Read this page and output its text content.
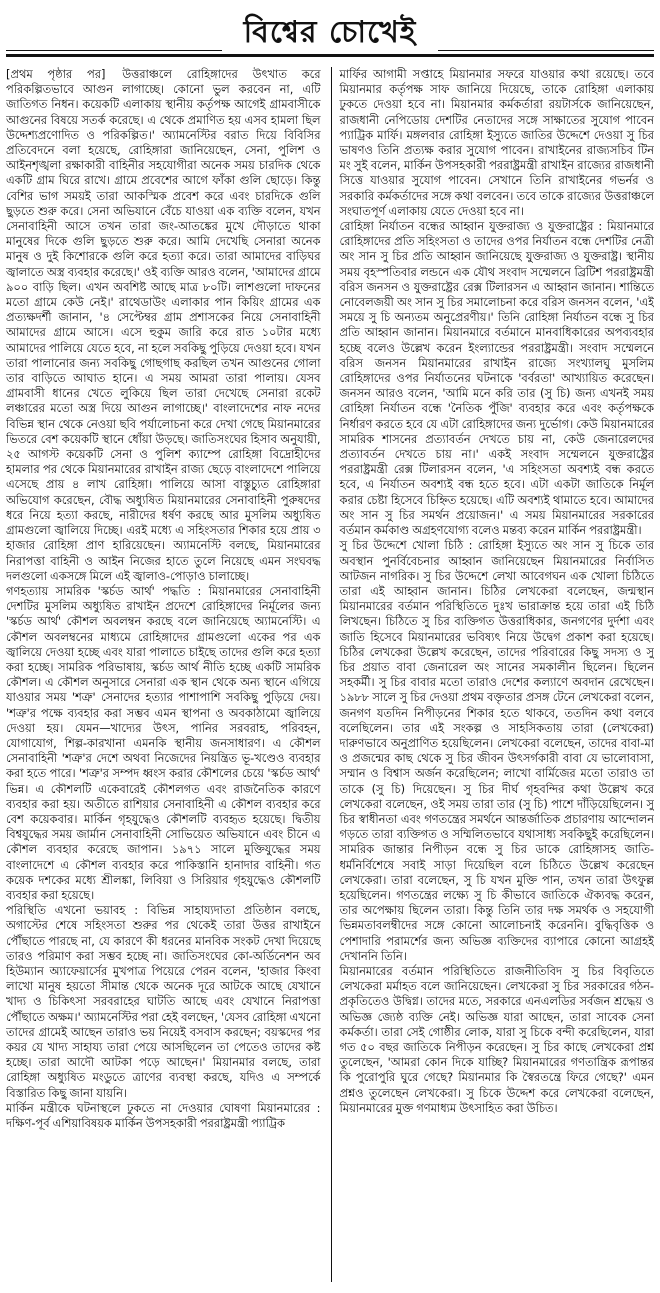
বিশ্বের চোখেই

[প্রথম পৃষ্ঠার পর] উত্তরাঞ্চলে রোহিঙ্গাদের উৎখাত করে পরিকল্পিতভাবে আগুন লাগাচ্ছে। কোনো ভুল করবেন না, এটি জাতিগত নিধন। কয়েকটি এলাকায় স্থানীয় কর্তৃপক্ষ আগেই গ্রামবাসীকে আগুনের বিষয়ে সতর্ক করেছে। এ থেকে প্রমাণিত হয় এসব হামলা ছিল উদ্দেশ্যপ্রণোদিত ও পরিকল্পিত।' অ্যামনেস্টির বরাত দিয়ে বিবিসির প্রতিবেদনে বলা হয়েছে, রোহিঙ্গারা জানিয়েছেন, সেনা, পুলিশ ও আইনশৃঙ্খলা রক্ষাকারী বাহিনীর সহযোগীরা অনেক সময় চারদিক থেকে একটি গ্রাম ঘিরে রাখে। গ্রামে প্রবেশের আগে ফাঁকা গুলি ছোড়ে। কিন্তু বেশির ভাগ সময়ই তারা আকস্মিক প্রবেশ করে এবং চারদিকে গুলি ছুড়তে শুরু করে। সেনা অভিযানে বেঁচে যাওয়া এক ব্যক্তি বলেন, যখন সেনাবাহিনী আসে তখন তারা জং-আতঙ্কের মুখে দৌড়াতে থাকা মানুষের দিকে গুলি ছুড়তে শুরু করে। আমি দেখেছি সেনারা অনেক মানুষ ও দুই কিশোরকে গুলি করে হত্যা করে। তারা আমাদের বাড়িঘর জ্বালাতে অস্ত্র ব্যবহার করেছে।' ওই ব্যক্তি আরও বলেন, 'আমাদের গ্রামে ৯০০ বাড়ি ছিল। এখন অবশিষ্ট আছে মাত্র ৮০টি। লাশগুলো দাফনের মতো গ্রামে কেউ নেই।' রাথেডাউং এলাকার পান কিয়িং গ্রামের এক প্রত্যক্ষদর্শী জানান, '৪ সেপ্টেম্বর গ্রাম প্রশাসকের নিয়ে সেনাবাহিনী আমাদের গ্রামে আসে। এসে হুকুম জারি করে রাত ১০টার মধ্যে আমাদের পালিয়ে যেতে হবে, না হলে সবকিছু পুড়িয়ে দেওয়া হবে। যখন তারা পালানোর জন্য সবকিছু গোছগাছ করছিল তখন আগুনের গোলা তার বাড়িতে আঘাত হানে। এ সময় আমরা তারা পালায়। যেসব গ্রামবাসী ধানের খেতে লুকিয়ে ছিল তারা দেখেছে সেনারা রকেট লঞ্চারের মতো অস্ত্র দিয়ে আগুন লাগাচ্ছে।' বাংলাদেশের নাফ নদের বিভিন্ন স্থান থেকে নেওয়া ছবি পর্যালোচনা করে দেখা গেছে মিয়ানমারের ভিতরে বেশ কয়েকটি স্থানে ধোঁয়া উড়ছে। জাতিসংঘের হিসাব অনুযায়ী, ২৫ আগস্ট কয়েকটি সেনা ও পুলিশ ক্যাম্পে রোহিঙ্গা বিদ্রোহীদের হামলার পর থেকে মিয়ানমারের রাখাইন রাজ্য ছেড়ে বাংলাদেশে পালিয়ে এসেছে প্রায় ৪ লাখ রোহিঙ্গা। পালিয়ে আসা বাস্তুচ্যুত রোহিঙ্গারা অভিযোগ করেছেন, বৌদ্ধ অধ্যুষিত মিয়ানমারের সেনাবাহিনী পুরুষদের ধরে নিয়ে হত্যা করছে, নারীদের ধর্ষণ করছে আর মুসলিম অধ্যুষিত গ্রামগুলো জ্বালিয়ে দিচ্ছে। এরই মধ্যে এ সহিংসতার শিকার হয়ে প্রায় ৩ হাজার রোহিঙ্গা প্রাণ হারিয়েছেন। অ্যামনেস্টি বলছে, মিয়ানমারের নিরাপত্তা বাহিনী ও আইন নিজের হাতে তুলে নিয়েছে এমন সংঘবদ্ধ দলগুলো একসঙ্গে মিলে এই জ্বালাও-পোড়াও চালাচ্ছে।

গণহত্যায় সামরিক 'স্কর্চড আর্থ' পদ্ধতি : মিয়ানমারের সেনাবাহিনী দেশটির মুসলিম অধ্যুষিত রাখাইন প্রদেশে রোহিঙ্গাদের নির্মূলের জন্য 'স্কর্চড আর্থ' কৌশল অবলম্বন করছে বলে জানিয়েছে অ্যামনেস্টি। এ কৌশল অবলম্বনের মাধ্যমে রোহিঙ্গাদের গ্রামগুলো একের পর এক জ্বালিয়ে দেওয়া হচ্ছে এবং যারা পালাতে চাইছে তাদের গুলি করে হত্যা করা হচ্ছে। সামরিক পরিভাষায়, স্কর্চড আর্থ নীতি হচ্ছে একটি সামরিক কৌশল। এ কৌশল অনুসারে সেনারা এক স্থান থেকে অন্য স্থানে এগিয়ে যাওয়ার সময় 'শত্রু' সেনাদের হত্যার পাশাপাশি সবকিছু পুড়িয়ে দেয়। 'শত্রু'র পক্ষে ব্যবহার করা সম্ভব এমন স্থাপনা ও অবকাঠামো জ্বালিয়ে দেওয়া হয়। যেমন—খাদ্যের উৎস, পানির সরবরাহ, পরিবহন, যোগাযোগ, শিল্প-কারখানা এমনকি স্থানীয় জনসাধারণ। এ কৌশল সেনাবাহিনী 'শত্রু'র দেশে অথবা নিজেদের নিয়ন্ত্রিত ভূ-খণ্ডেও ব্যবহার করা হতে পারে। 'শত্রু'র সম্পদ ধ্বংস করার কৌশলের চেয়ে 'স্কর্চড আর্থ' ভিন্ন। এ কৌশলটি একেবারেই কৌশলগত এবং রাজনৈতিক কারণে ব্যবহার করা হয়। অতীতে রাশিয়ার সেনাবাহিনী এ কৌশল ব্যবহার করে বেশ কয়েকবার। মার্কিন গৃহযুদ্ধেও কৌশলটি ব্যবহৃত হয়েছে। দ্বিতীয় বিশ্বযুদ্ধের সময় জার্মান সেনাবাহিনী সোভিয়েত অভিযানে এবং চীনে এ কৌশল ব্যবহার করেছে জাপান। ১৯৭১ সালে মুক্তিযুদ্ধের সময় বাংলাদেশে এ কৌশল ব্যবহার করে পাকিস্তানি হানাদার বাহিনী। গত কয়েক দশকের মধ্যে শ্রীলঙ্কা, লিবিয়া ও সিরিয়ার গৃহযুদ্ধেও কৌশলটি ব্যবহার করা হয়েছে।

পরিস্থিতি এখনো ভয়াবহ : বিভিন্ন সাহায্যদাতা প্রতিষ্ঠান বলছে, অগাস্টের শেষে সহিংসতা শুরুর পর থেকেই তারা উত্তর রাখাইনে পৌঁছাতে পারছে না, যে কারণে কী ধরনের মানবিক সংকট দেখা দিয়েছে তারও পরিমাণ করা সম্ভব হচ্ছে না। জাতিসংঘের কো-অর্ডিনেশন অব হিউম্যান অ্যাফেয়ার্সের মুখপাত্র পিয়েরে পেরন বলেন, 'হাজার কিংবা লাখো মানুষ হয়তো সীমান্ত থেকে অনেক দূরে আটকে আছে যেখানে খাদ্য ও চিকিৎসা সরবরাহের ঘাটতি আছে এবং যেখানে নিরাপত্তা পৌঁছাতে অক্ষম।' অ্যামনেস্টির পরা হেই বলছেন, 'যেসব রোহিঙ্গা এখনো তাদের গ্রামেই আছেন তারাও ভয় নিয়েই বসবাস করছেন; বয়স্কদের পর কয়র যে খাদ্য সাহায্য তারা পেয়ে আসছিলেন তা পেতেও তাদের কষ্ট হচ্ছে। তারা আদৌ আটকা পড়ে আছেন।' মিয়ানমার বলছে, তারা রোহিঙ্গা অধ্যুষিত মংডুতে ত্রাণের ব্যবস্থা করছে, যদিও এ সম্পর্কে বিস্তারিত কিছু জানা যায়নি।

মার্কিন মন্ত্রীকে ঘটনাস্থলে ঢুকতে না দেওয়ার ঘোষণা মিয়ানমারের : দক্ষিণ-পূর্ব এশিয়াবিষয়ক মার্কিন উপসহকারী পররাষ্ট্রমন্ত্রী প্যাট্রিক

মার্ফির আগামী সপ্তাহে মিয়ানমার সফরে যাওয়ার কথা রয়েছে। তবে মিয়ানমার কর্তৃপক্ষ সাফ জানিয়ে দিয়েছে, তাকে রোহিঙ্গা এলাকায় ঢুকতে দেওয়া হবে না। মিয়ানমার কর্মকর্তারা রয়টার্সকে জানিয়েছেন, রাজধানী নেপিডোয় দেশটির নেতাদের সঙ্গে সাক্ষাতের সুযোগ পাবেন প্যাট্রিক মার্ফি। মঙ্গলবার রোহিঙ্গা ইস্যুতে জাতির উদ্দেশে দেওয়া সু চির ভাষণও তিনি প্রত্যক্ষ করার সুযোগ পাবেন। রাখাইনের রাজ্যসচিব টিন মং সুই বলেন, মার্কিন উপসহকারী পররাষ্ট্রমন্ত্রী রাখাইন রাজ্যের রাজধানী সিত্তে যাওয়ার সুযোগ পাবেন। সেখানে তিনি রাখাইনের গভর্নর ও সরকারি কর্মকর্তাদের সঙ্গে কথা বলবেন। তবে তাকে রাজ্যের উত্তরাঞ্চলে সংঘাতপূর্ণ এলাকায় যেতে দেওয়া হবে না।

রোহিঙ্গা নির্যাতন বন্ধের আহ্বান যুক্তরাজ্য ও যুক্তরাষ্ট্রের : মিয়ানমারে রোহিঙ্গাদের প্রতি সহিংসতা ও তাদের ওপর নির্যাতন বন্ধে দেশটির নেত্রী অং সান সু চির প্রতি আহ্বান জানিয়েছে যুক্তরাজ্য ও যুক্তরাষ্ট্র। স্থানীয় সময় বৃহস্পতিবার লন্ডনে এক যৌথ সংবাদ সম্মেলনে ব্রিটিশ পররাষ্ট্রমন্ত্রী বরিস জনসন ও যুক্তরাষ্ট্রের রেক্স টিলারসন এ আহ্বান জানান। শান্তিতে নোবেলজয়ী অং সান সু চির সমালোচনা করে বরিস জনসন বলেন, 'এই সময়ে সু চি অন্যতম অনুপ্রেরণীয়।' তিনি রোহিঙ্গা নির্যাতন বন্ধে সু চির প্রতি আহ্বান জানান। মিয়ানমারে বর্তমানে মানবাধিকারের অপব্যবহার হচ্ছে বলেও উল্লেখ করেন ইংল্যান্ডের পররাষ্ট্রমন্ত্রী। সংবাদ সম্মেলনে বরিস জনসন মিয়ানমারের রাখাইন রাজ্যে সংখ্যালঘু মুসলিম রোহিঙ্গাদের ওপর নির্যাতনের ঘটনাকে 'বর্বরতা' আখ্যায়িত করেছেন। জনসন আরও বলেন, 'আমি মনে করি তার (সু চি) জন্য এখনই সময় রোহিঙ্গা নির্যাতন বন্ধে 'নৈতিক পুঁজি' ব্যবহার করে এবং কর্তৃপক্ষকে নির্ধারণ করতে হবে যে এটা রোহিঙ্গাদের জন্য দুর্ভোগ। কেউ মিয়ানমারের সামরিক শাসনের প্রত্যাবর্তন দেখতে চায় না, কেউ জেনারেলদের প্রত্যাবর্তন দেখতে চায় না।' একই সংবাদ সম্মেলনে যুক্তরাষ্ট্রের পররাষ্ট্রমন্ত্রী রেক্স টিলারসন বলেন, 'এ সহিংসতা অবশ্যই বন্ধ করতে হবে, এ নির্যাতন অবশ্যই বন্ধ হতে হবে। এটা একটা জাতিকে নির্মূল করার চেষ্টা হিসেবে চিহ্নিত হয়েছে। এটি অবশ্যই থামাতে হবে। আমাদের অং সান সু চির সমর্থন প্রয়োজন।' এ সময় মিয়ানমারের সরকারের বর্তমান কর্মকাণ্ড অগ্রহণযোগ্য বলেও মন্তব্য করেন মার্কিন পররাষ্ট্রমন্ত্রী।

সু চির উদ্দেশে খোলা চিঠি : রোহিঙ্গা ইস্যুতে অং সান সু চিকে তার অবস্থান পুনর্বিবেচনার আহ্বান জানিয়েছেন মিয়ানমারের নির্বাসিত আটজন নাগরিক। সু চির উদ্দেশে লেখা আবেগঘন এক খোলা চিঠিতে তারা এই আহ্বান জানান। চিঠির লেখকেরা বলেছেন, জন্মস্থান মিয়ানমারের বর্তমান পরিস্থিতিতে দুঃখ ভারাক্রান্ত হয়ে তারা এই চিঠি লিখছেন। চিঠিতে সু চির ব্যক্তিগত উত্তরাধিকার, জনগণের দুর্দশা এবং জাতি হিসেবে মিয়ানমারের ভবিষ্যৎ নিয়ে উদ্বেগ প্রকাশ করা হয়েছে। চিঠির লেখকেরা উল্লেখ করেছেন, তাদের পরিবারের কিছু সদস্য ও সু চির প্রয়াত বাবা জেনারেল অং সানের সমকালীন ছিলেন। ছিলেন সহকর্মী। সু চির বাবার মতো তারাও দেশের কল্যাণে অবদান রেখেছেন। ১৯৮৮ সালে সু চির দেওয়া প্রথম বক্তৃতার প্রসঙ্গ টেনে লেখকেরা বলেন, জনগণ যতদিন নিপীড়নের শিকার হতে থাকবে, ততদিন কথা বলবে বলেছিলেন। তার এই সংকল্প ও সাহসিকতায় তারা (লেখকেরা) দারুণভাবে অনুপ্রাণিত হয়েছিলেন। লেখকেরা বলেছেন, তাদের বাবা-মা ও প্রজন্মের কাছ থেকে সু চির জীবন উৎসর্গকারী বাবা যে ভালোবাসা, সম্মান ও বিশ্বাস অর্জন করেছিলেন; লাখো বার্মিজের মতো তারাও তা তাকে (সু চি) দিয়েছেন। সু চির দীর্ঘ গৃহবন্দির কথা উল্লেখ করে লেখকেরা বলেছেন, ওই সময় তারা তার (সু চি) পাশে দাঁড়িয়েছিলেন। সু চির স্বাধীনতা এবং গণতন্ত্রের সমর্থনে আন্তর্জাতিক প্রচারণায় আন্দোলন গড়তে তারা ব্যক্তিগত ও সম্মিলিতভাবে যথাসাধ্য সবকিছুই করেছিলেন। সামরিক জান্তার নিপীড়ন বন্ধে সু চির ডাকে রোহিঙ্গাসহ জাতি-ধর্মনির্বিশেষে সবাই সাড়া দিয়েছিল বলে চিঠিতে উল্লেখ করেছেন লেখকেরা। তারা বলেছেন, সু চি যখন মুক্তি পান, তখন তারা উৎফুল্ল হয়েছিলেন। গণতন্ত্রের লক্ষ্যে সু চি কীভাবে জাতিকে ঐক্যবদ্ধ করেন, তার অপেক্ষায় ছিলেন তারা। কিন্তু তিনি তার দক্ষ সমর্থক ও সহযোগী ভিন্নমতাবলম্বীদের সঙ্গে কোনো আলোচনাই করেননি। বুদ্ধিবৃত্তিক ও পেশাদারি পরামর্শের জন্য অভিজ্ঞ ব্যক্তিদের ব্যাপারে কোনো আগ্রহই দেখাননি তিনি।

মিয়ানমারের বর্তমান পরিস্থিতিতে রাজনীতিবিদ সু চির বিবৃতিতে লেখকেরা মর্মাহত বলে জানিয়েছেন। লেখকেরা সু চির সরকারের গঠন-প্রকৃতিতেও উদ্বিগ্ন। তাদের মতে, সরকারে এনএলডির সর্বজন শ্রদ্ধেয় ও অভিজ্ঞ জ্যেষ্ঠ ব্যক্তি নেই। অভিজ্ঞ যারা আছেন, তারা সাবেক সেনা কর্মকর্তা। তারা সেই গোষ্ঠীর লোক, যারা সু চিকে বন্দী করেছিলেন, যারা গত ৫০ বছর জাতিকে নিপীড়ন করেছেন। সু চির কাছে লেখকেরা প্রশ্ন তুলেছেন, 'আমরা কোন দিকে যাচ্ছি? মিয়ানমারের গণতান্ত্রিক রূপান্তর কি পুরোপুরি ঘুরে গেছে? মিয়ানমার কি স্বৈরতন্ত্রে ফিরে গেছে?' এমন প্রশ্নও তুলেছেন লেখকেরা। সু চিকে উদ্দেশ করে লেখকেরা বলেছেন, মিয়ানমারের মুক্ত গণমাধ্যম উৎসাহিত করা উচিত।
